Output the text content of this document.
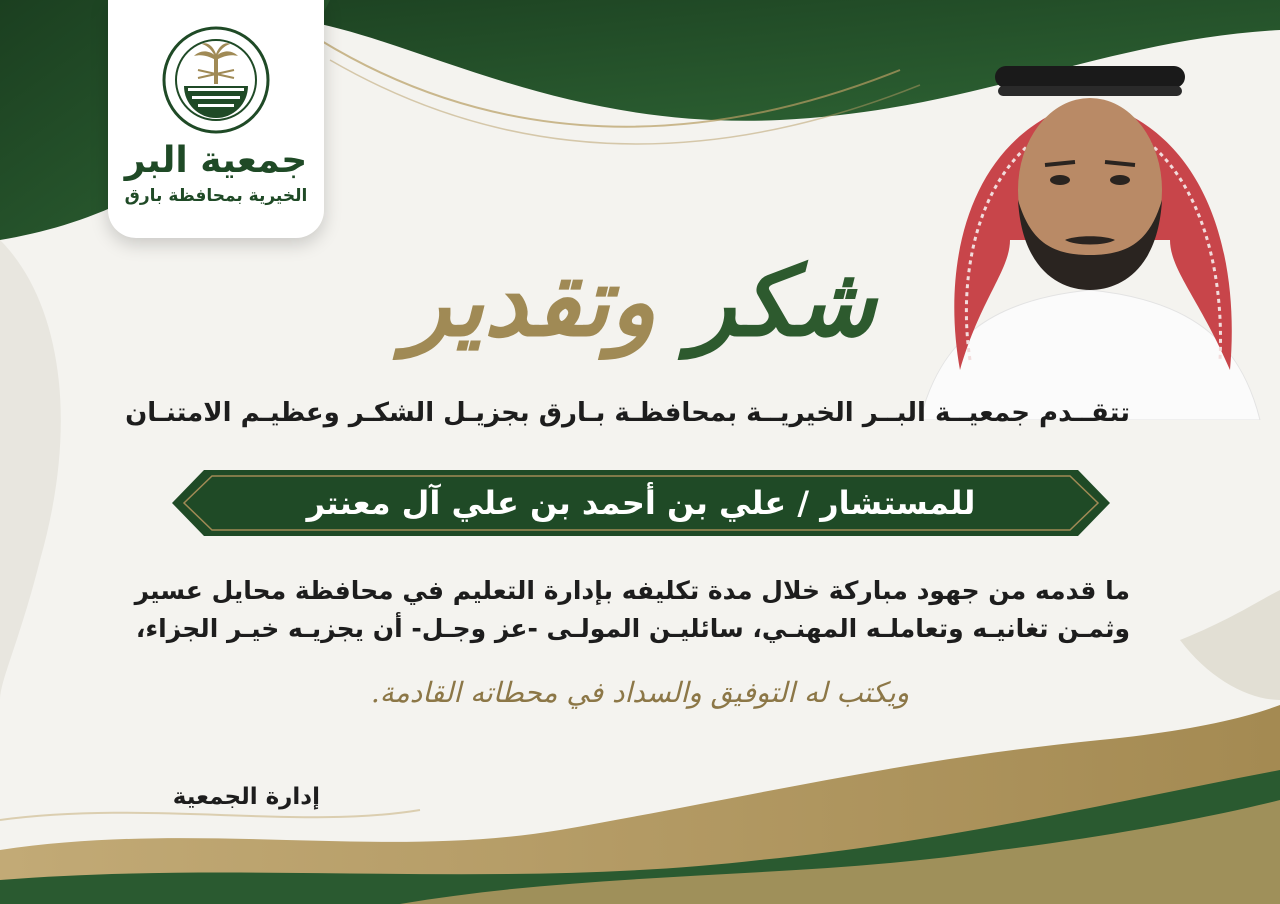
جمعية البر
الخيرية بمحافظة بارق
شكر وتقدير
تتقــدم جمعيــة البــر الخيريــة بمحافظـة بـارق بجزيـل الشكـر وعظيـم الامتنـان
للمستشار / علي بن أحمد بن علي آل معنتر
ما قدمه من جهود مباركة خلال مدة تكليفه بإدارة التعليم في محافظة محايل عسير
وثمـن تغانيـه وتعاملـه المهنـي، سائليـن المولـى -عز وجـل- أن يجزيـه خيـر الجزاء،
ويكتب له التوفيق والسداد في محطاته القادمة.
إدارة الجمعية
